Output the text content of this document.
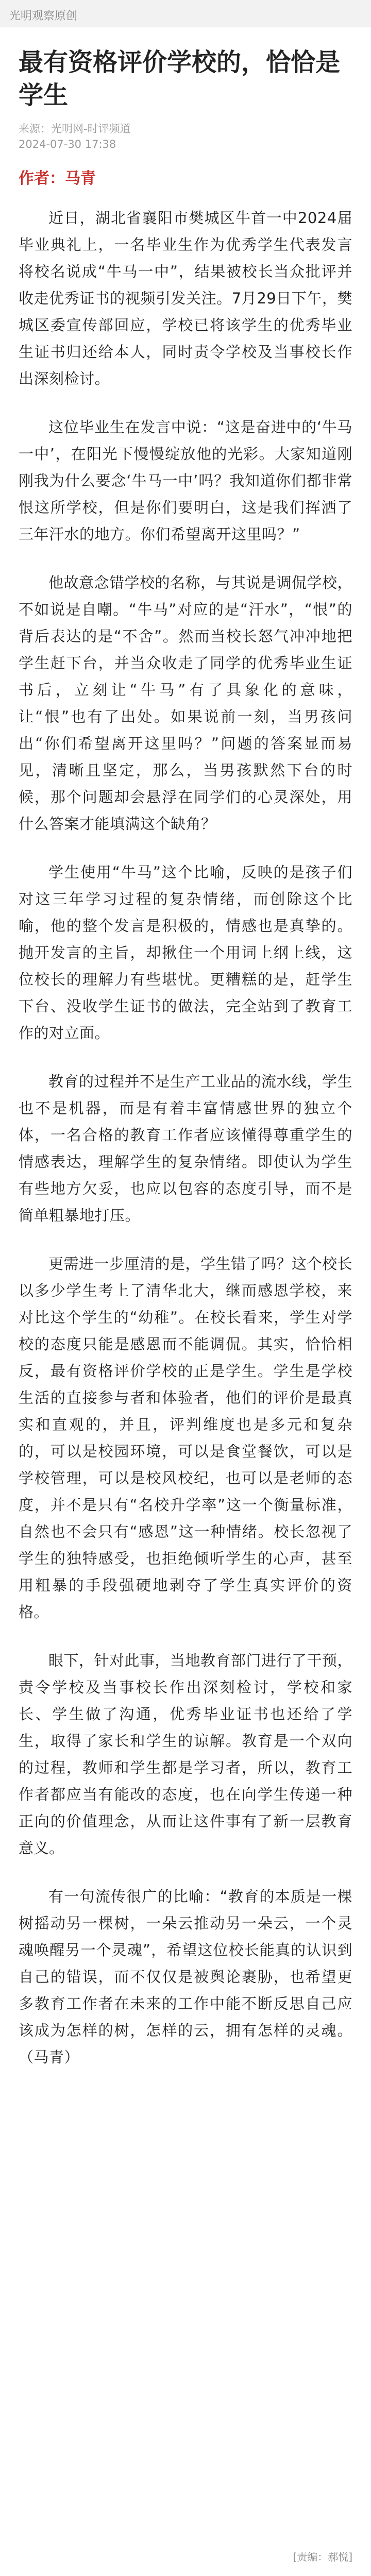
光明观察原创
最有资格评价学校的，恰恰是学生
来源：光明网-时评频道
2024-07-30 17:38
作者：马青

近日，湖北省襄阳市樊城区牛首一中2024届毕业典礼上，一名毕业生作为优秀学生代表发言将校名说成“牛马一中”，结果被校长当众批评并收走优秀证书的视频引发关注。7月29日下午，樊城区委宣传部回应，学校已将该学生的优秀毕业生证书归还给本人，同时责令学校及当事校长作出深刻检讨。

这位毕业生在发言中说：“这是奋进中的‘牛马一中’，在阳光下慢慢绽放他的光彩。大家知道刚刚我为什么要念‘牛马一中’吗？我知道你们都非常恨这所学校，但是你们要明白，这是我们挥洒了三年汗水的地方。你们希望离开这里吗？”

他故意念错学校的名称，与其说是调侃学校，不如说是自嘲。“牛马”对应的是“汗水”，“恨”的背后表达的是“不舍”。然而当校长怒气冲冲地把学生赶下台，并当众收走了同学的优秀毕业生证书后，立刻让“牛马”有了具象化的意味，让“恨”也有了出处。如果说前一刻，当男孩问出“你们希望离开这里吗？”问题的答案显而易见，清晰且坚定，那么，当男孩默然下台的时候，那个问题却会悬浮在同学们的心灵深处，用什么答案才能填满这个缺角？

学生使用“牛马”这个比喻，反映的是孩子们对这三年学习过程的复杂情绪，而创除这个比喻，他的整个发言是积极的，情感也是真挚的。抛开发言的主旨，却揪住一个用词上纲上线，这位校长的理解力有些堪忧。更糟糕的是，赶学生下台、没收学生证书的做法，完全站到了教育工作的对立面。

教育的过程并不是生产工业品的流水线，学生也不是机器，而是有着丰富情感世界的独立个体，一名合格的教育工作者应该懂得尊重学生的情感表达，理解学生的复杂情绪。即使认为学生有些地方欠妥，也应以包容的态度引导，而不是简单粗暴地打压。

更需进一步厘清的是，学生错了吗？这个校长以多少学生考上了清华北大，继而感恩学校，来对比这个学生的“幼稚”。在校长看来，学生对学校的态度只能是感恩而不能调侃。其实，恰恰相反，最有资格评价学校的正是学生。学生是学校生活的直接参与者和体验者，他们的评价是最真实和直观的，并且，评判维度也是多元和复杂的，可以是校园环境，可以是食堂餐饮，可以是学校管理，可以是校风校纪，也可以是老师的态度，并不是只有“名校升学率”这一个衡量标准，自然也不会只有“感恩”这一种情绪。校长忽视了学生的独特感受，也拒绝倾听学生的心声，甚至用粗暴的手段强硬地剥夺了学生真实评价的资格。

眼下，针对此事，当地教育部门进行了干预，责令学校及当事校长作出深刻检讨，学校和家长、学生做了沟通，优秀毕业证书也还给了学生，取得了家长和学生的谅解。教育是一个双向的过程，教师和学生都是学习者，所以，教育工作者都应当有能改的态度，也在向学生传递一种正向的价值理念，从而让这件事有了新一层教育意义。

有一句流传很广的比喻：“教育的本质是一棵树摇动另一棵树，一朵云推动另一朵云，一个灵魂唤醒另一个灵魂”，希望这位校长能真的认识到自己的错误，而不仅仅是被舆论裹胁，也希望更多教育工作者在未来的工作中能不断反思自己应该成为怎样的树，怎样的云，拥有怎样的灵魂。（马青）

[责编：郝悦]
